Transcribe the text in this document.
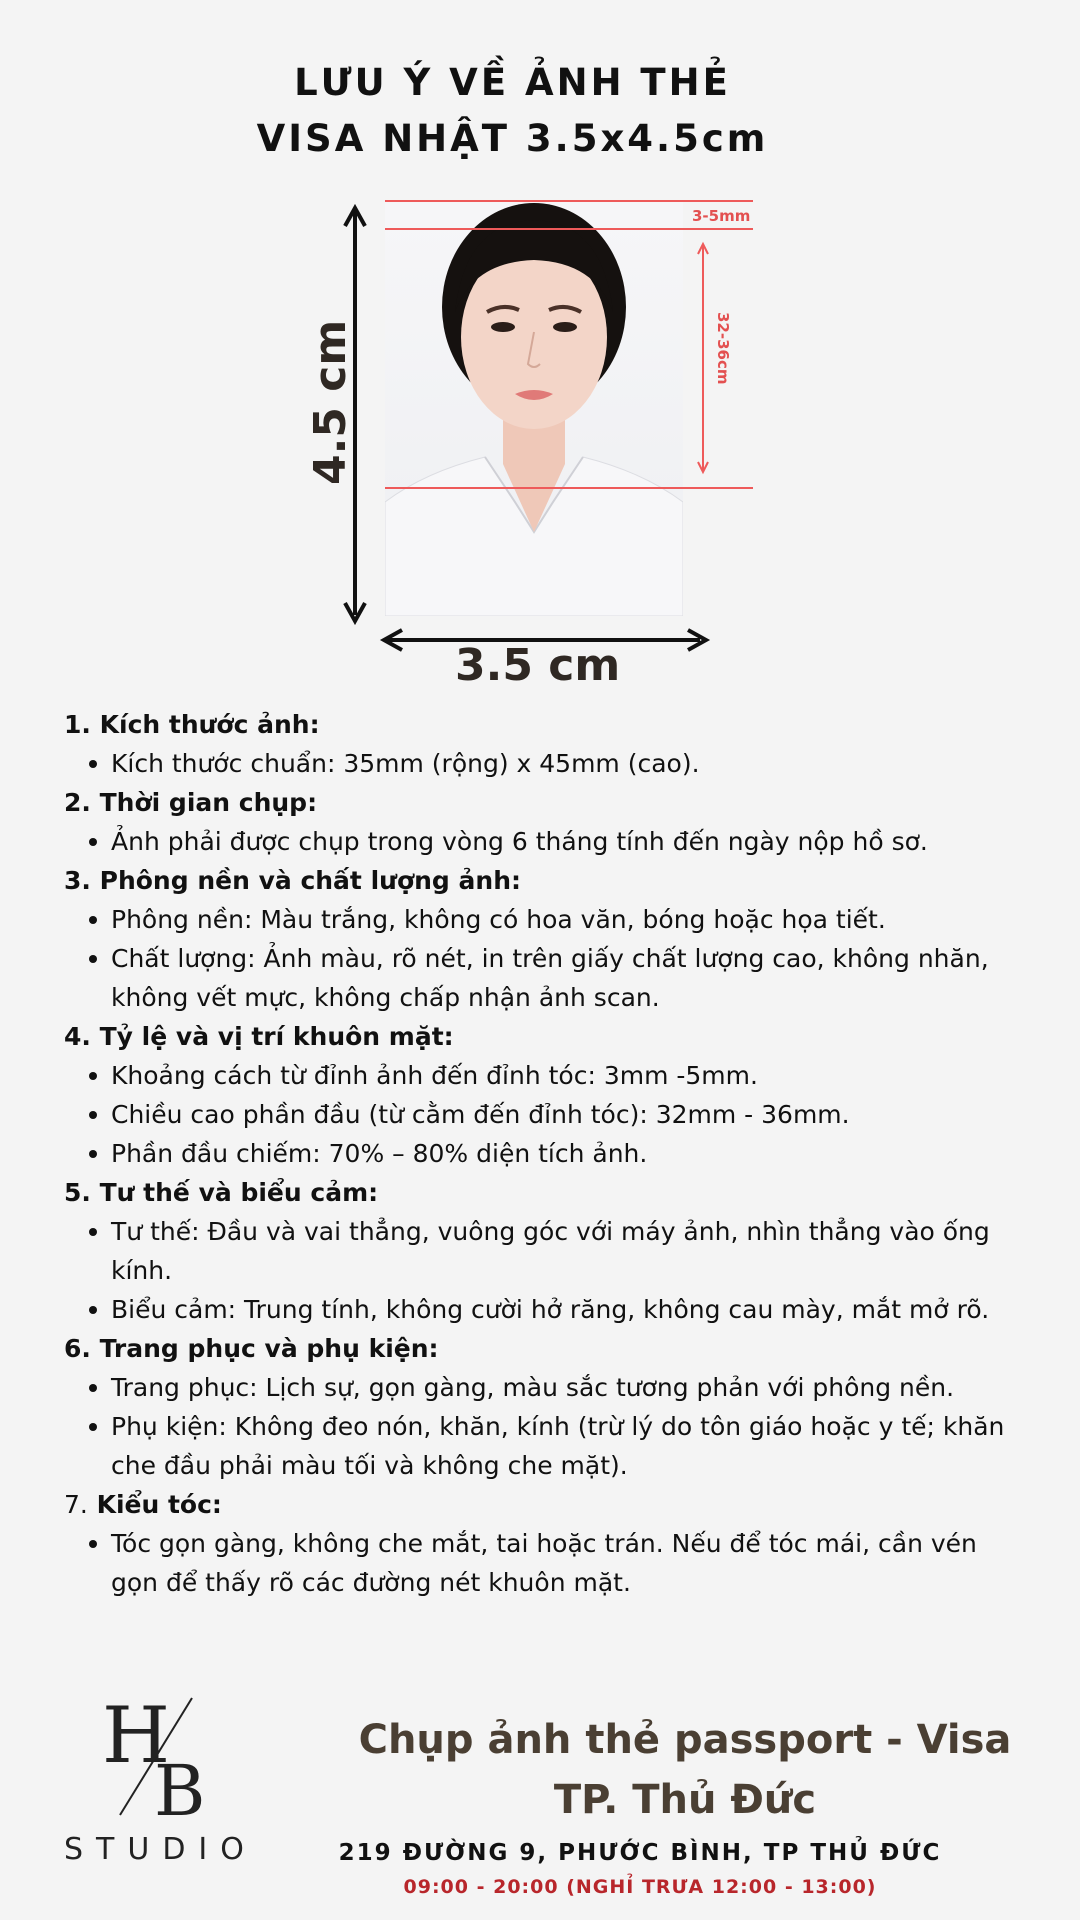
LƯU Ý VỀ ẢNH THẺ
VISA NHẬT 3.5x4.5cm
3-5mm
32-36cm
4.5 cm
3.5 cm
1. Kích thước ảnh:
Kích thước chuẩn: 35mm (rộng) x 45mm (cao).
2. Thời gian chụp:
Ảnh phải được chụp trong vòng 6 tháng tính đến ngày nộp hồ sơ.
3. Phông nền và chất lượng ảnh:
Phông nền: Màu trắng, không có hoa văn, bóng hoặc họa tiết.
Chất lượng: Ảnh màu, rõ nét, in trên giấy chất lượng cao, không nhăn, không vết mực, không chấp nhận ảnh scan.
4. Tỷ lệ và vị trí khuôn mặt:
Khoảng cách từ đỉnh ảnh đến đỉnh tóc: 3mm -5mm.
Chiều cao phần đầu (từ cằm đến đỉnh tóc): 32mm - 36mm.
Phần đầu chiếm: 70% – 80% diện tích ảnh.
5. Tư thế và biểu cảm:
Tư thế: Đầu và vai thẳng, vuông góc với máy ảnh, nhìn thẳng vào ống kính.
Biểu cảm: Trung tính, không cười hở răng, không cau mày, mắt mở rõ.
6. Trang phục và phụ kiện:
Trang phục: Lịch sự, gọn gàng, màu sắc tương phản với phông nền.
Phụ kiện: Không đeo nón, khăn, kính (trừ lý do tôn giáo hoặc y tế; khăn che đầu phải màu tối và không che mặt).
7. Kiểu tóc:
Tóc gọn gàng, không che mắt, tai hoặc trán. Nếu để tóc mái, cần vén gọn để thấy rõ các đường nét khuôn mặt.
H
B
STUDIO
Chụp ảnh thẻ passport - Visa
TP. Thủ Đức
219 ĐƯỜNG 9, PHƯỚC BÌNH, TP THỦ ĐỨC
09:00 - 20:00 (NGHỈ TRƯA 12:00 - 13:00)
